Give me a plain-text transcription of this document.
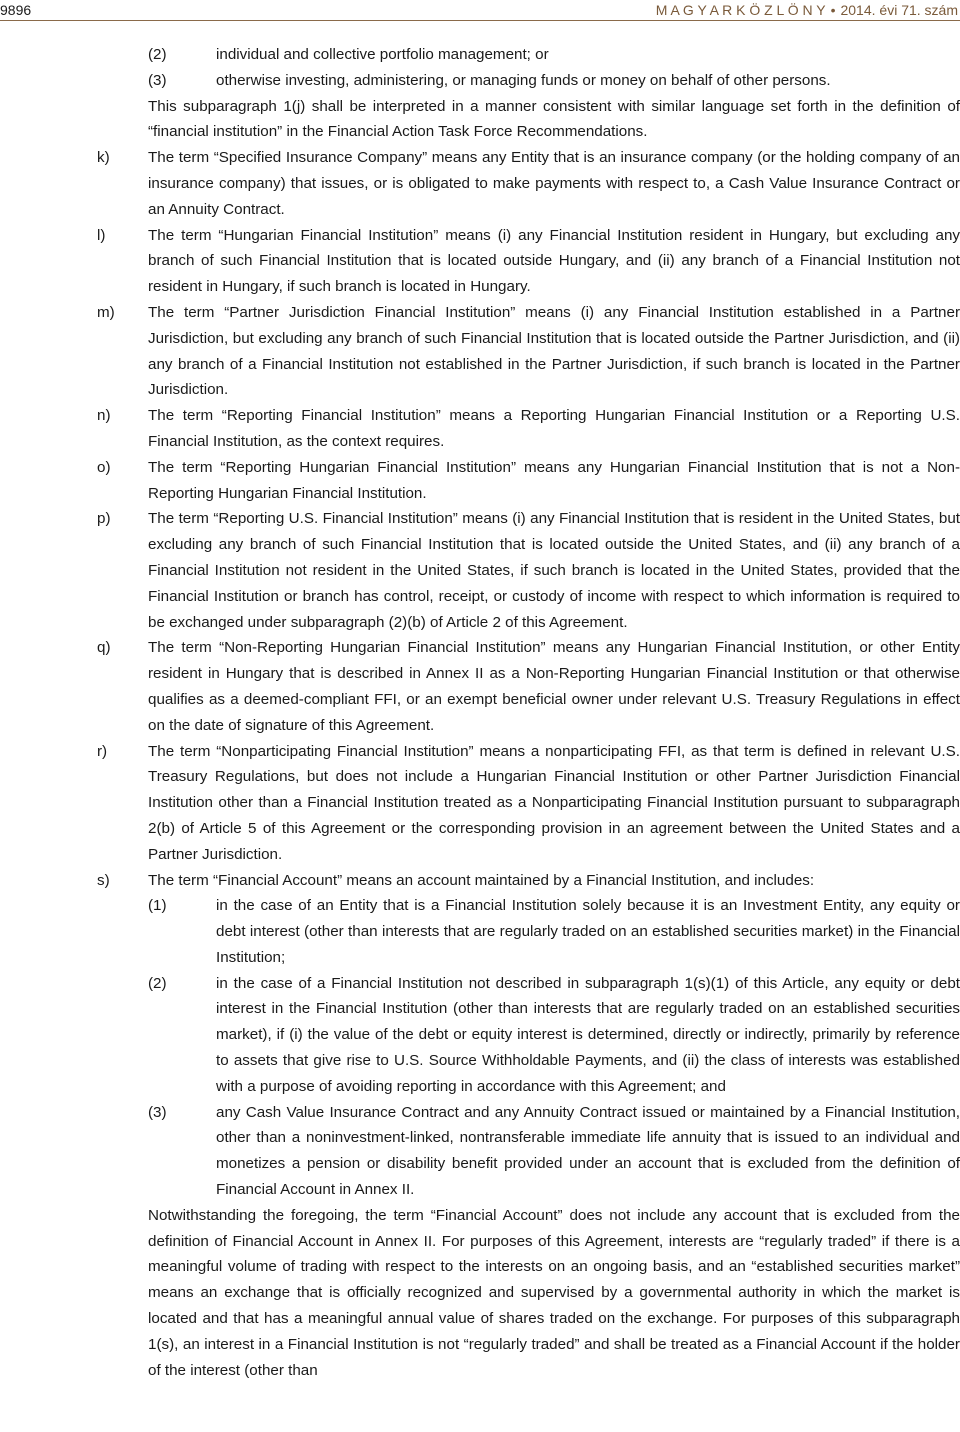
9896	M A G Y A R K Ö Z L Ö N Y • 2014. évi 71. szám

(2)	individual and collective portfolio management; or

(3)	otherwise investing, administering, or managing funds or money on behalf of other persons.

This subparagraph 1(j) shall be interpreted in a manner consistent with similar language set forth in the definition of “financial institution” in the Financial Action Task Force Recommendations.

k)	The term “Specified Insurance Company” means any Entity that is an insurance company (or the holding company of an insurance company) that issues, or is obligated to make payments with respect to, a Cash Value Insurance Contract or an Annuity Contract.

l)	The term “Hungarian Financial Institution” means (i) any Financial Institution resident in Hungary, but excluding any branch of such Financial Institution that is located outside Hungary, and (ii) any branch of a Financial Institution not resident in Hungary, if such branch is located in Hungary.

m) The term “Partner Jurisdiction Financial Institution” means (i) any Financial Institution established in a Partner Jurisdiction, but excluding any branch of such Financial Institution that is located outside the Partner Jurisdiction, and (ii) any branch of a Financial Institution not established in the Partner Jurisdiction, if such branch is located in the Partner Jurisdiction.

n) The term “Reporting Financial Institution” means a Reporting Hungarian Financial Institution or a Reporting U.S. Financial Institution, as the context requires.

o) The term “Reporting Hungarian Financial Institution” means any Hungarian Financial Institution that is not a Non-Reporting Hungarian Financial Institution.

p) The term “Reporting U.S. Financial Institution” means (i) any Financial Institution that is resident in the United States, but excluding any branch of such Financial Institution that is located outside the United States, and (ii) any branch of a Financial Institution not resident in the United States, if such branch is located in the United States, provided that the Financial Institution or branch has control, receipt, or custody of income with respect to which information is required to be exchanged under subparagraph (2)(b) of Article 2 of this Agreement.

q) The term “Non-Reporting Hungarian Financial Institution” means any Hungarian Financial Institution, or other Entity resident in Hungary that is described in Annex II as a Non-Reporting Hungarian Financial Institution or that otherwise qualifies as a deemed-compliant FFI, or an exempt beneficial owner under relevant U.S. Treasury Regulations in effect on the date of signature of this Agreement.

r)	The term “Nonparticipating Financial Institution” means a nonparticipating FFI, as that term is defined in relevant U.S. Treasury Regulations, but does not include a Hungarian Financial Institution or other Partner Jurisdiction Financial Institution other than a Financial Institution treated as a Nonparticipating Financial Institution pursuant to subparagraph 2(b) of Article 5 of this Agreement or the corresponding provision in an agreement between the United States and a Partner Jurisdiction.

s)	The term “Financial Account” means an account maintained by a Financial Institution, and includes:

(1)	in the case of an Entity that is a Financial Institution solely because it is an Investment Entity, any equity or debt interest (other than interests that are regularly traded on an established securities market) in the Financial Institution;

(2)	in the case of a Financial Institution not described in subparagraph 1(s)(1) of this Article, any equity or debt interest in the Financial Institution (other than interests that are regularly traded on an established securities market), if (i) the value of the debt or equity interest is determined, directly or indirectly, primarily by reference to assets that give rise to U.S. Source Withholdable Payments, and (ii) the class of interests was established with a purpose of avoiding reporting in accordance with this Agreement; and

(3)	any Cash Value Insurance Contract and any Annuity Contract issued or maintained by a Financial Institution, other than a noninvestment-linked, nontransferable immediate life annuity that is issued to an individual and monetizes a pension or disability benefit provided under an account that is excluded from the definition of Financial Account in Annex II.

Notwithstanding the foregoing, the term “Financial Account” does not include any account that is excluded from the definition of Financial Account in Annex II. For purposes of this Agreement, interests are “regularly traded” if there is a meaningful volume of trading with respect to the interests on an ongoing basis, and an “established securities market” means an exchange that is officially recognized and supervised by a governmental authority in which the market is located and that has a meaningful annual value of shares traded on the exchange. For purposes of this subparagraph 1(s), an interest in a Financial Institution is not “regularly traded” and shall be treated as a Financial Account if the holder of the interest (other than
